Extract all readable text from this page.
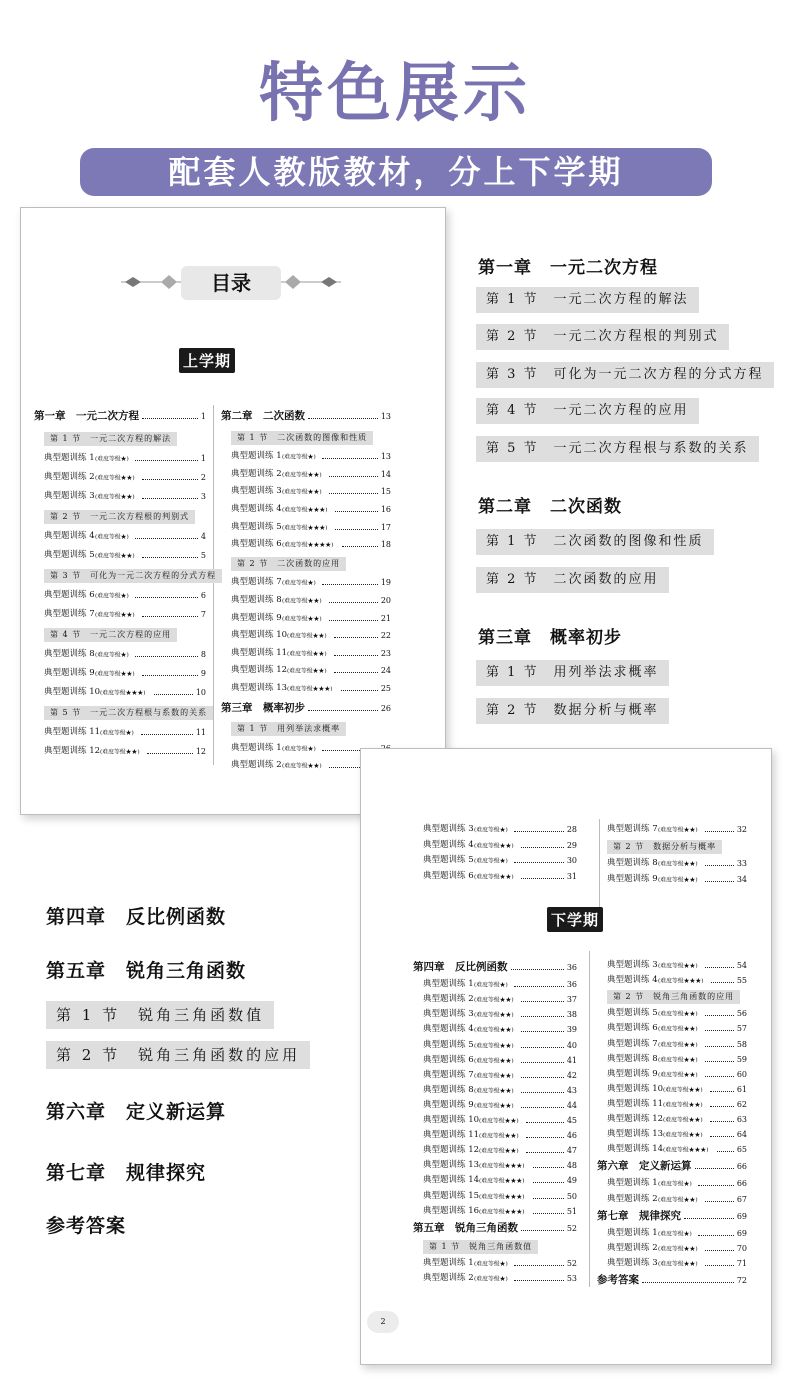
特色展示
配套人教版教材，分上下学期
目录
上学期
第一章　一元二次方程	1
第 1 节　一元二次方程的解法
典型题训练 1 (难度等级★)	1
典型题训练 2 (难度等级★★)	2
典型题训练 3 (难度等级★★)	3
第 2 节　一元二次方程根的判别式
典型题训练 4 (难度等级★)	4
典型题训练 5 (难度等级★★)	5
第 3 节　可化为一元二次方程的分式方程
典型题训练 6 (难度等级★)	6
典型题训练 7 (难度等级★★)	7
第 4 节　一元二次方程的应用
典型题训练 8 (难度等级★)	8
典型题训练 9 (难度等级★★)	9
典型题训练 10 (难度等级★★★)	10
第 5 节　一元二次方程根与系数的关系
典型题训练 11 (难度等级★)	11
典型题训练 12 (难度等级★★)	12
第二章　二次函数	13
第 1 节　二次函数的图像和性质
典型题训练 1 (难度等级★)	13
典型题训练 2 (难度等级★★)	14
典型题训练 3 (难度等级★★)	15
典型题训练 4 (难度等级★★★)	16
典型题训练 5 (难度等级★★★)	17
典型题训练 6 (难度等级★★★★)	18
第 2 节　二次函数的应用
典型题训练 7 (难度等级★)	19
典型题训练 8 (难度等级★★)	20
典型题训练 9 (难度等级★★)	21
典型题训练 10 (难度等级★★)	22
典型题训练 11 (难度等级★★)	23
典型题训练 12 (难度等级★★)	24
典型题训练 13 (难度等级★★★)	25
第三章　概率初步	26
第 1 节　用列举法求概率
典型题训练 1 (难度等级★)
典型题训练 2 (难度等级★★)
第一章　一元二次方程
第 1 节　一元二次方程的解法
第 2 节　一元二次方程根的判别式
第 3 节　可化为一元二次方程的分式方程
第 4 节　一元二次方程的应用
第 5 节　一元二次方程根与系数的关系
第二章　二次函数
第 1 节　二次函数的图像和性质
第 2 节　二次函数的应用
第三章　概率初步
第 1 节　用列举法求概率
第 2 节　数据分析与概率
第四章　反比例函数
第五章　锐角三角函数
第 1 节　锐角三角函数值
第 2 节　锐角三角函数的应用
第六章　定义新运算
第七章　规律探究
参考答案
下学期
2
典型题训练 3 (难度等级★)	28
典型题训练 4 (难度等级★★)	29
典型题训练 5 (难度等级★)	30
典型题训练 6 (难度等级★★)	31
典型题训练 7 (难度等级★★)	32
第 2 节　数据分析与概率
典型题训练 8 (难度等级★★)	33
典型题训练 9 (难度等级★★)	34
第四章　反比例函数	36
典型题训练 1 (难度等级★)	36
典型题训练 2 (难度等级★★)	37
典型题训练 3 (难度等级★★)	38
典型题训练 4 (难度等级★★)	39
典型题训练 5 (难度等级★★)	40
典型题训练 6 (难度等级★★)	41
典型题训练 7 (难度等级★★)	42
典型题训练 8 (难度等级★★)	43
典型题训练 9 (难度等级★★)	44
典型题训练 10 (难度等级★★)	45
典型题训练 11 (难度等级★★)	46
典型题训练 12 (难度等级★★)	47
典型题训练 13 (难度等级★★★)	48
典型题训练 14 (难度等级★★★)	49
典型题训练 15 (难度等级★★★)	50
典型题训练 16 (难度等级★★★)	51
第五章　锐角三角函数	52
第 1 节　锐角三角函数值
典型题训练 1 (难度等级★)	52
典型题训练 2 (难度等级★)	53
典型题训练 3 (难度等级★★)	54
典型题训练 4 (难度等级★★★)	55
第 2 节　锐角三角函数的应用
典型题训练 5 (难度等级★★)	56
典型题训练 6 (难度等级★★)	57
典型题训练 7 (难度等级★★)	58
典型题训练 8 (难度等级★★)	59
典型题训练 9 (难度等级★★)	60
典型题训练 10 (难度等级★★)	61
典型题训练 11 (难度等级★★)	62
典型题训练 12 (难度等级★★)	63
典型题训练 13 (难度等级★★)	64
典型题训练 14 (难度等级★★★)	65
第六章　定义新运算	66
典型题训练 1 (难度等级★)	66
典型题训练 2 (难度等级★★)	67
第七章　规律探究	69
典型题训练 1 (难度等级★)	69
典型题训练 2 (难度等级★★)	70
典型题训练 3 (难度等级★★)	71
参考答案	72
